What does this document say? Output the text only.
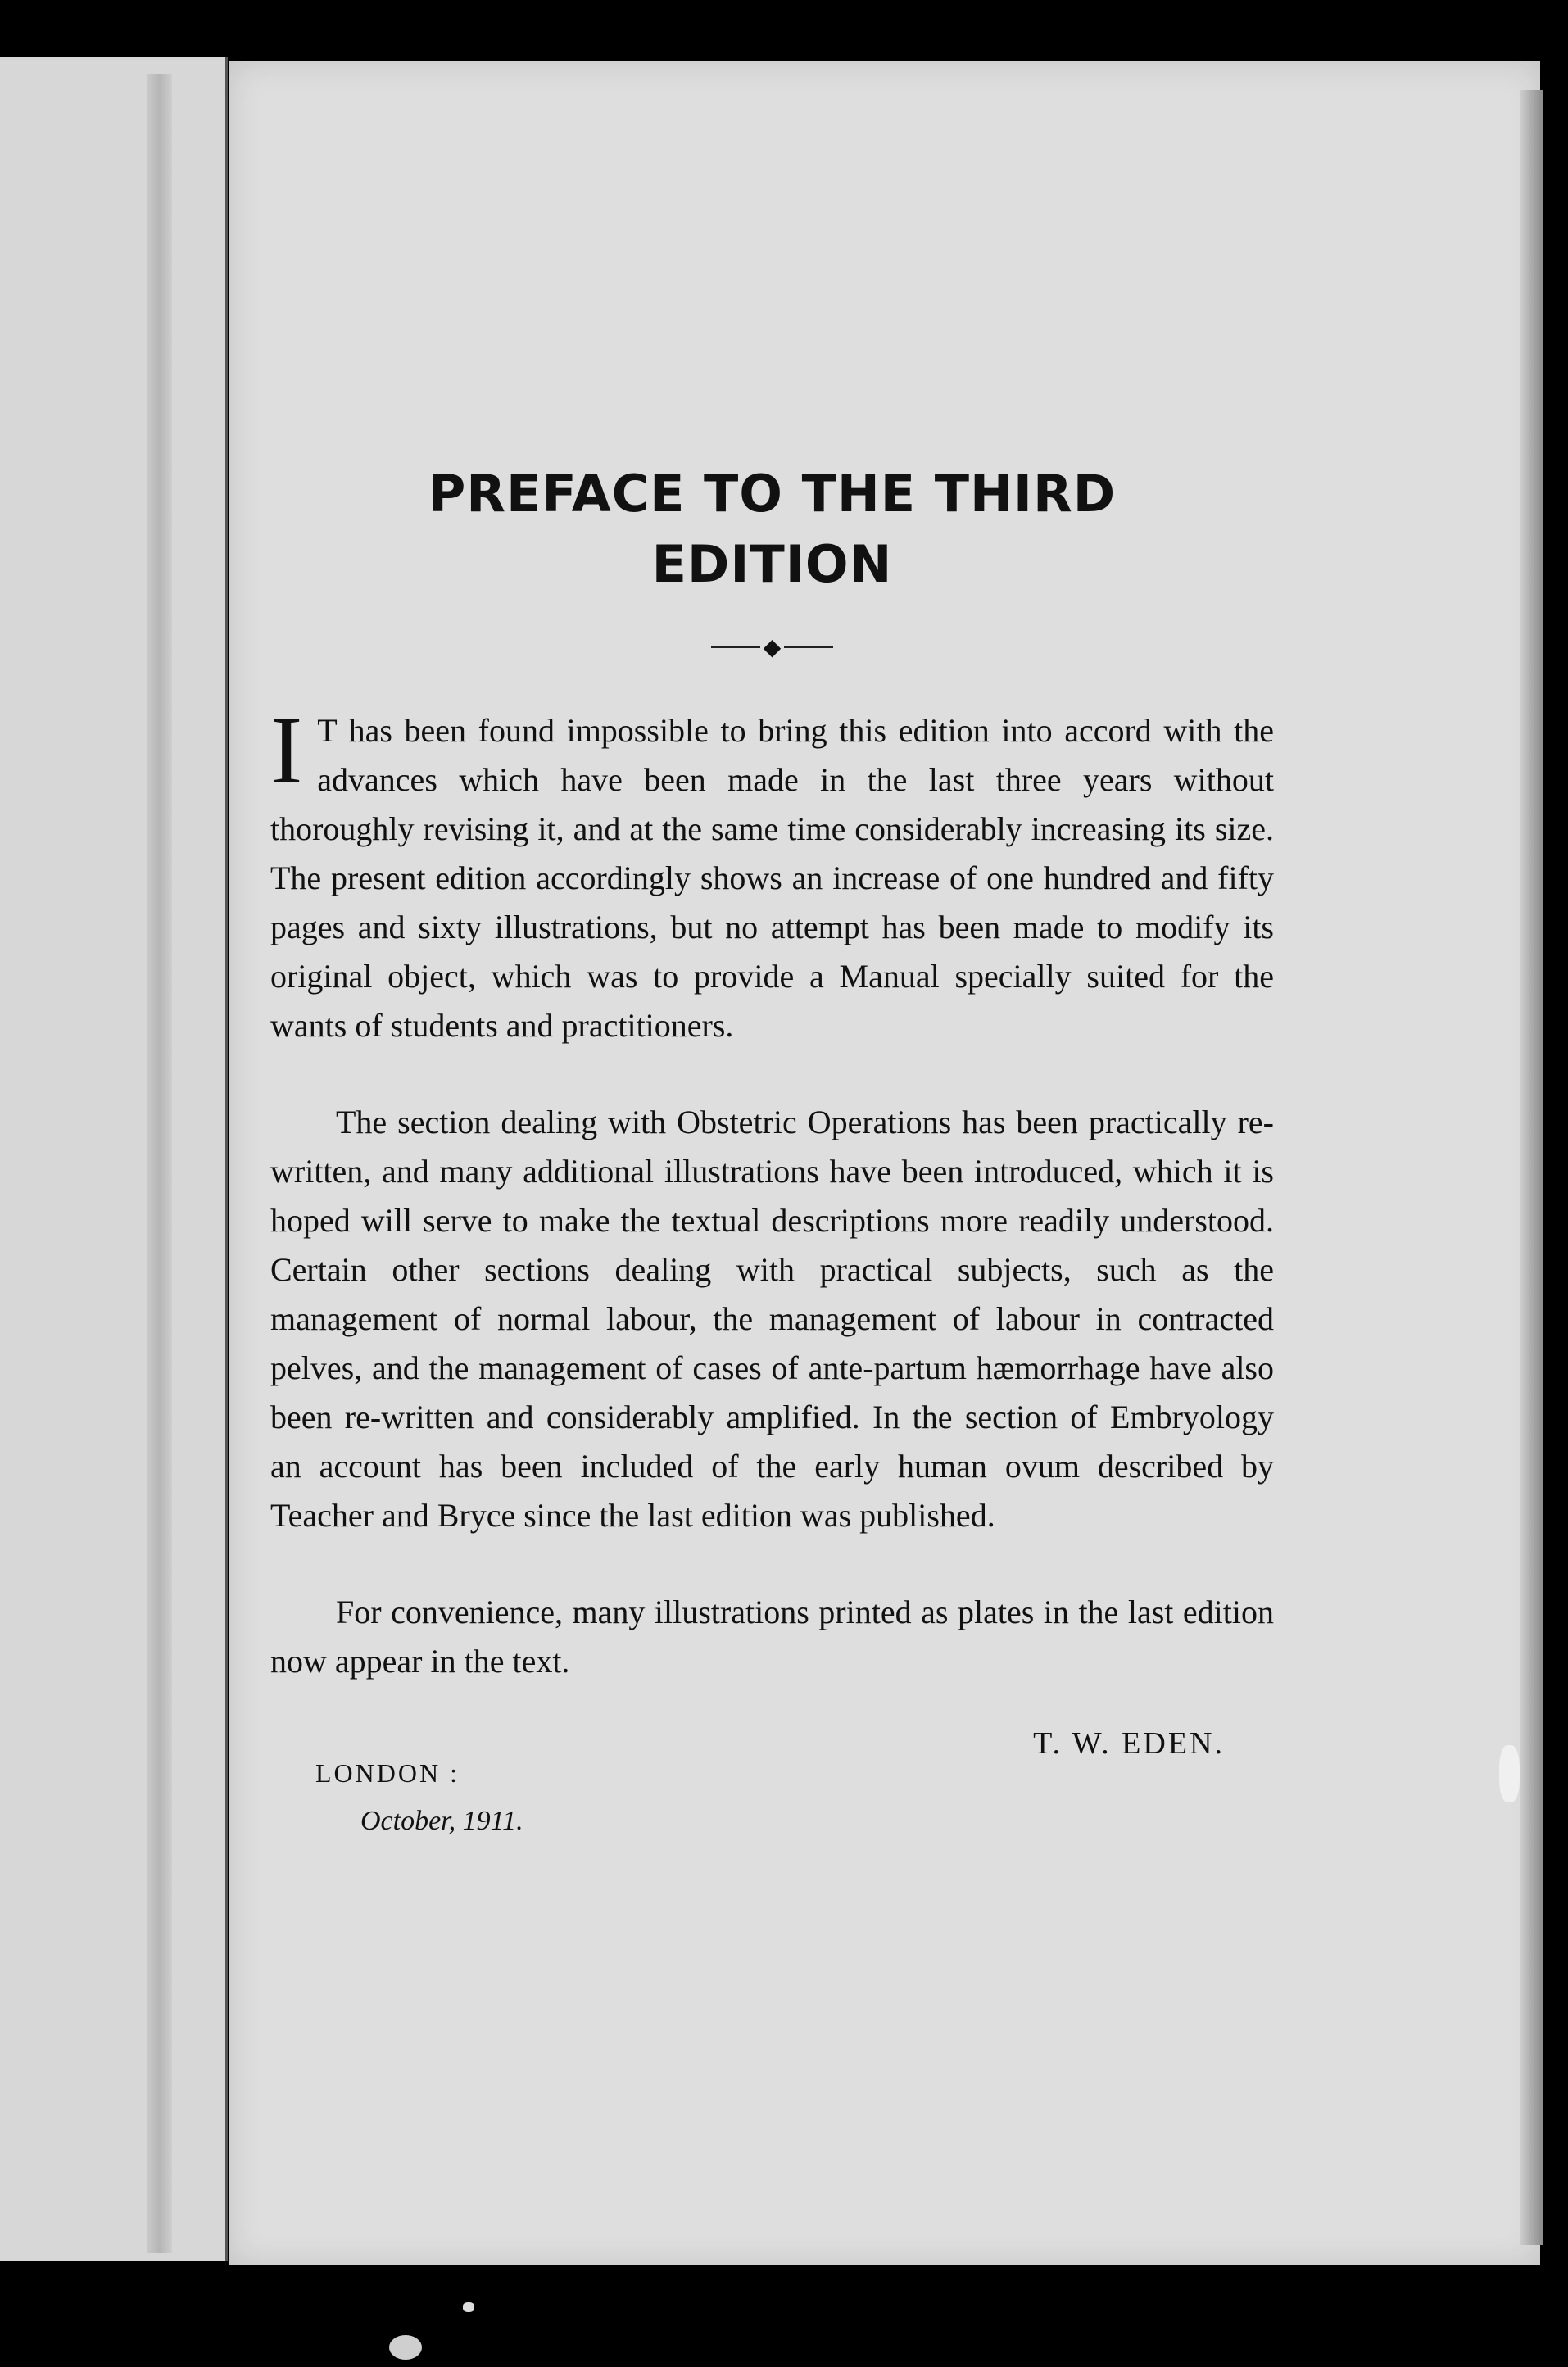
PREFACE TO THE THIRD
EDITION
◆

I T has been found impossible to bring this edition into accord with the advances which have been made in the last three years without thoroughly revising it, and at the same time considerably increasing its size. The present edition accordingly shows an increase of one hundred and fifty pages and sixty illustrations, but no attempt has been made to modify its original object, which was to provide a Manual specially suited for the wants of students and practitioners.

The section dealing with Obstetric Operations has been practically re-written, and many additional illustrations have been introduced, which it is hoped will serve to make the textual descriptions more readily understood. Certain other sections dealing with practical subjects, such as the management of normal labour, the management of labour in contracted pelves, and the management of cases of ante-partum hæmorrhage have also been re-written and considerably amplified. In the section of Embryology an account has been included of the early human ovum described by Teacher and Bryce since the last edition was published.

For convenience, many illustrations printed as plates in the last edition now appear in the text.

T. W. EDEN.
LONDON :
October, 1911.
